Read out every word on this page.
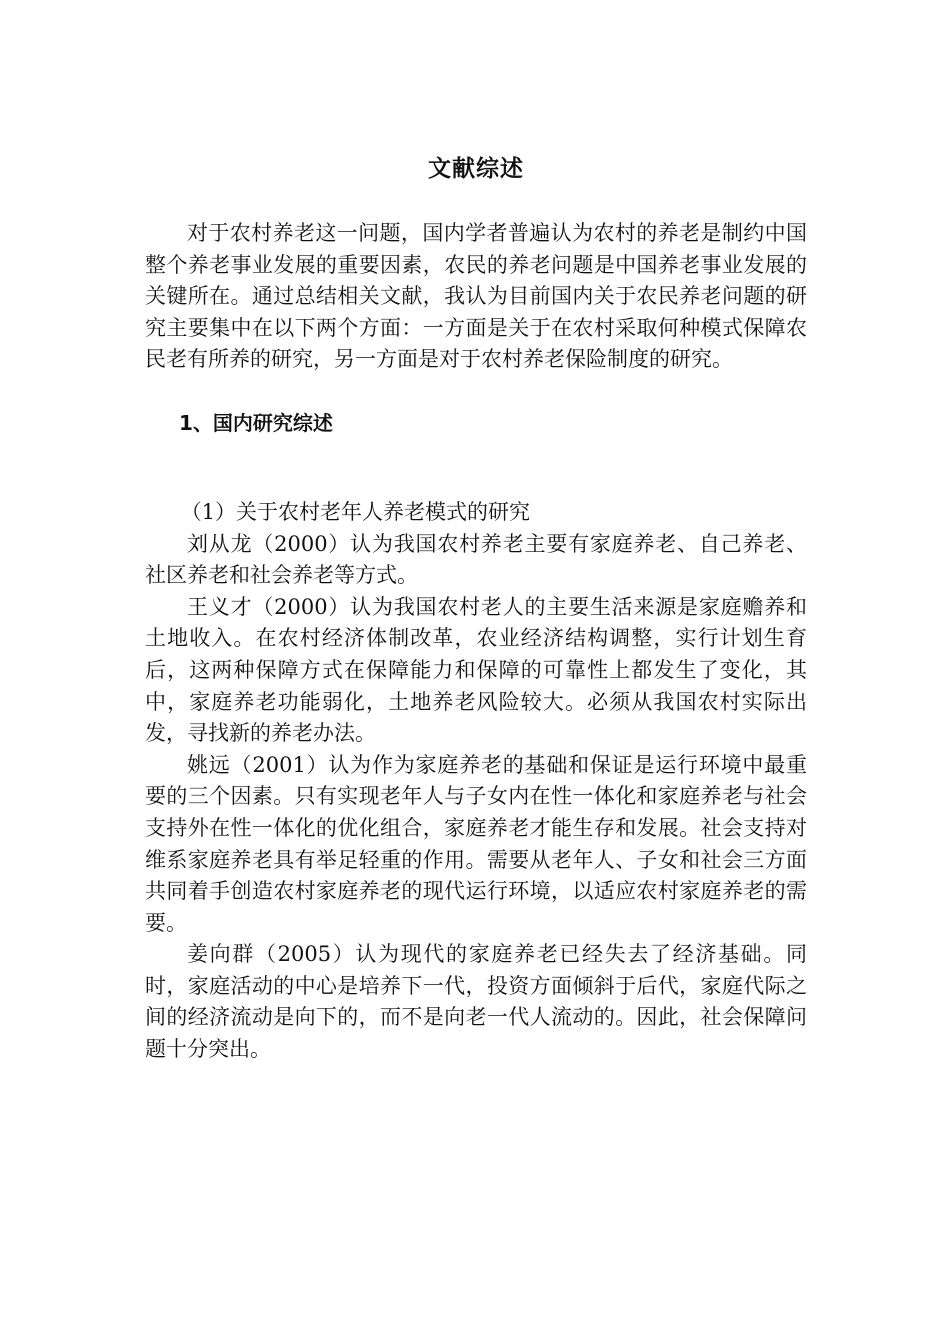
文献综述

对于农村养老这一问题，国内学者普遍认为农村的养老是制约中国整个养老事业发展的重要因素，农民的养老问题是中国养老事业发展的关键所在。通过总结相关文献，我认为目前国内关于农民养老问题的研究主要集中在以下两个方面：一方面是关于在农村采取何种模式保障农民老有所养的研究，另一方面是对于农村养老保险制度的研究。

1、国内研究综述

（1）关于农村老年人养老模式的研究

刘从龙（2000）认为我国农村养老主要有家庭养老、自己养老、社区养老和社会养老等方式。

王义才（2000）认为我国农村老人的主要生活来源是家庭赡养和土地收入。在农村经济体制改革，农业经济结构调整，实行计划生育后，这两种保障方式在保障能力和保障的可靠性上都发生了变化，其中，家庭养老功能弱化，土地养老风险较大。必须从我国农村实际出发，寻找新的养老办法。

姚远（2001）认为作为家庭养老的基础和保证是运行环境中最重要的三个因素。只有实现老年人与子女内在性一体化和家庭养老与社会支持外在性一体化的优化组合，家庭养老才能生存和发展。社会支持对维系家庭养老具有举足轻重的作用。需要从老年人、子女和社会三方面共同着手创造农村家庭养老的现代运行环境，以适应农村家庭养老的需要。

姜向群（2005）认为现代的家庭养老已经失去了经济基础。同时，家庭活动的中心是培养下一代，投资方面倾斜于后代，家庭代际之间的经济流动是向下的，而不是向老一代人流动的。因此，社会保障问题十分突出。
